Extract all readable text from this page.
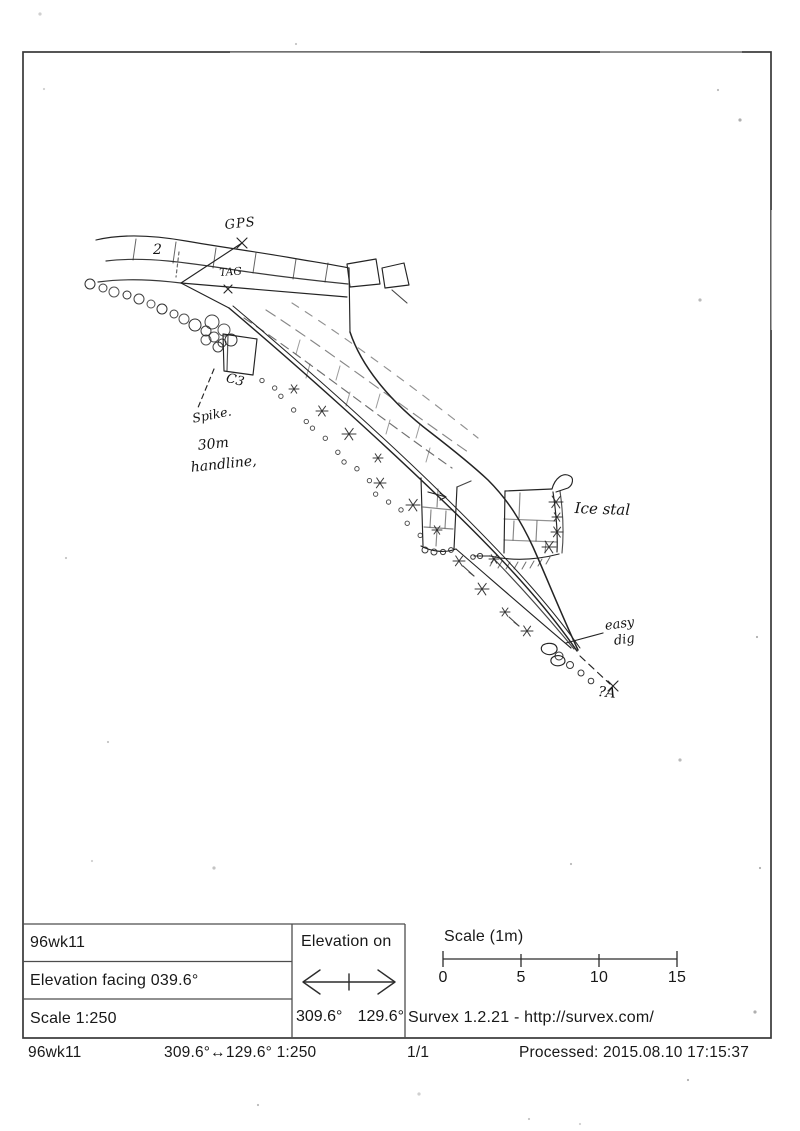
96wk11
Elevation facing 039.6°
Scale 1:250
Elevation on
309.6° 129.6°
Scale (1m)
0	5	10	15
Survex 1.2.21 - http://survex.com/
96wk11	309.6°↔129.6° 1:250	1/1	Processed: 2015.08.10 17:15:37
2
GPS
TAG
C3
Spike.
30m
handline,
Ice stal
easy
dig
?A
